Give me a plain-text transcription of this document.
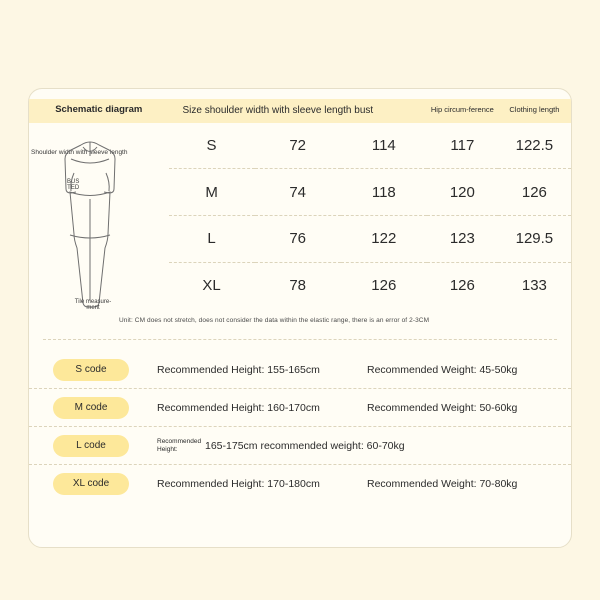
Schematic diagram	Size shoulder width with sleeve length bust			Hip circum-ference	Clothing length

Shoulder width with sleeve length
BUS
TED
Tile measure-
ment	S	72	114	117	122.5
	M	74	118	120	126
	L	76	122	123	129.5
	XL	78	126	126	133
Unit: CM does not stretch, does not consider the data within the elastic range, there is an error of 2-3CM
S code	Recommended Height: 155-165cm	Recommended Weight: 45-50kg
M code	Recommended Height: 160-170cm	Recommended Weight: 50-60kg
L code	Recommended Height:	165-175cm recommended weight: 60-70kg
XL code	Recommended Height: 170-180cm	Recommended Weight: 70-80kg
